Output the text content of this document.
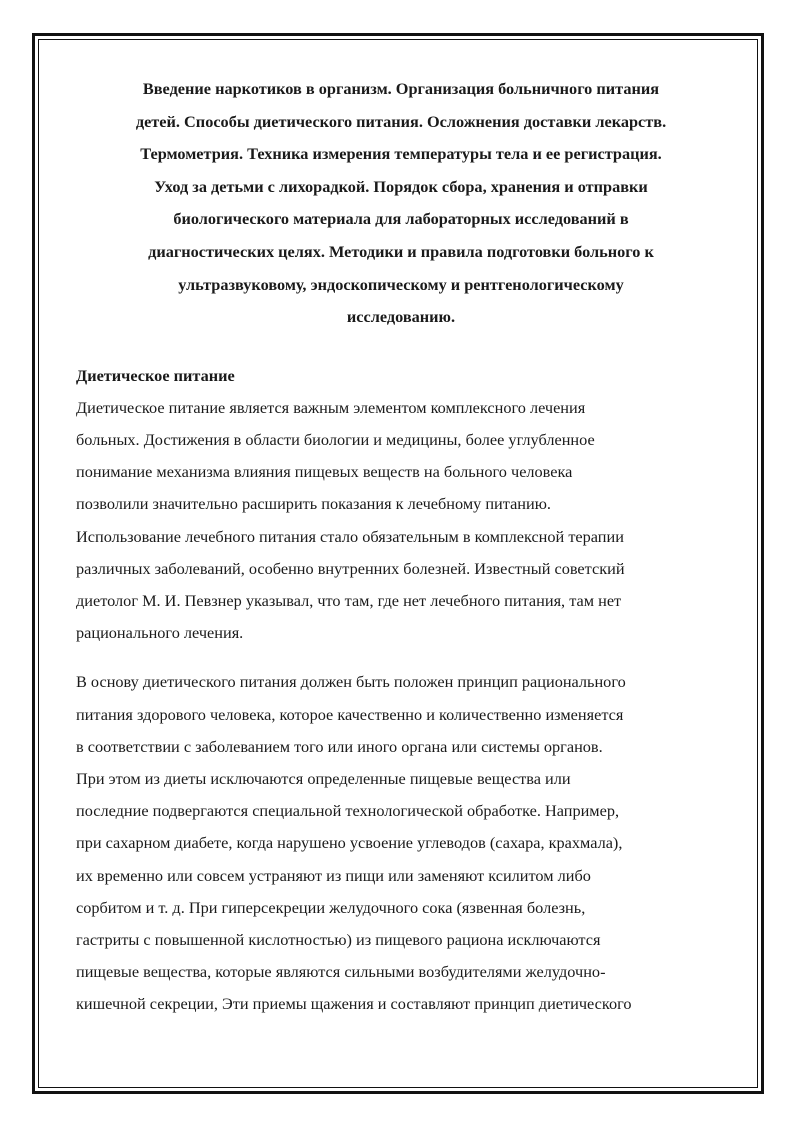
Введение наркотиков в организм. Организация больничного питания
детей. Способы диетического питания. Осложнения доставки лекарств.
Термометрия. Техника измерения температуры тела и ее регистрация.
Уход за детьми с лихорадкой. Порядок сбора, хранения и отправки
биологического материала для лабораторных исследований в
диагностических целях. Методики и правила подготовки больного к
ультразвуковому, эндоскопическому и рентгенологическому
исследованию.

Диетическое питание

Диетическое питание является важным элементом комплексного лечения
больных. Достижения в области биологии и медицины, более углубленное
понимание механизма влияния пищевых веществ на больного человека
позволили значительно расширить показания к лечебному питанию.
Использование лечебного питания стало обязательным в комплексной терапии
различных заболеваний, особенно внутренних болезней. Известный советский
диетолог М. И. Певзнер указывал, что там, где нет лечебного питания, там нет
рационального лечения.

В основу диетического питания должен быть положен принцип рационального
питания здорового человека, которое качественно и количественно изменяется
в соответствии с заболеванием того или иного органа или системы органов.
При этом из диеты исключаются определенные пищевые вещества или
последние подвергаются специальной технологической обработке. Например,
при сахарном диабете, когда нарушено усвоение углеводов (сахара, крахмала),
их временно или совсем устраняют из пищи или заменяют ксилитом либо
сорбитом и т. д. При гиперсекреции желудочного сока (язвенная болезнь,
гастриты с повышенной кислотностью) из пищевого рациона исключаются
пищевые вещества, которые являются сильными возбудителями желудочно-
кишечной секреции, Эти приемы щажения и составляют принцип диетического
